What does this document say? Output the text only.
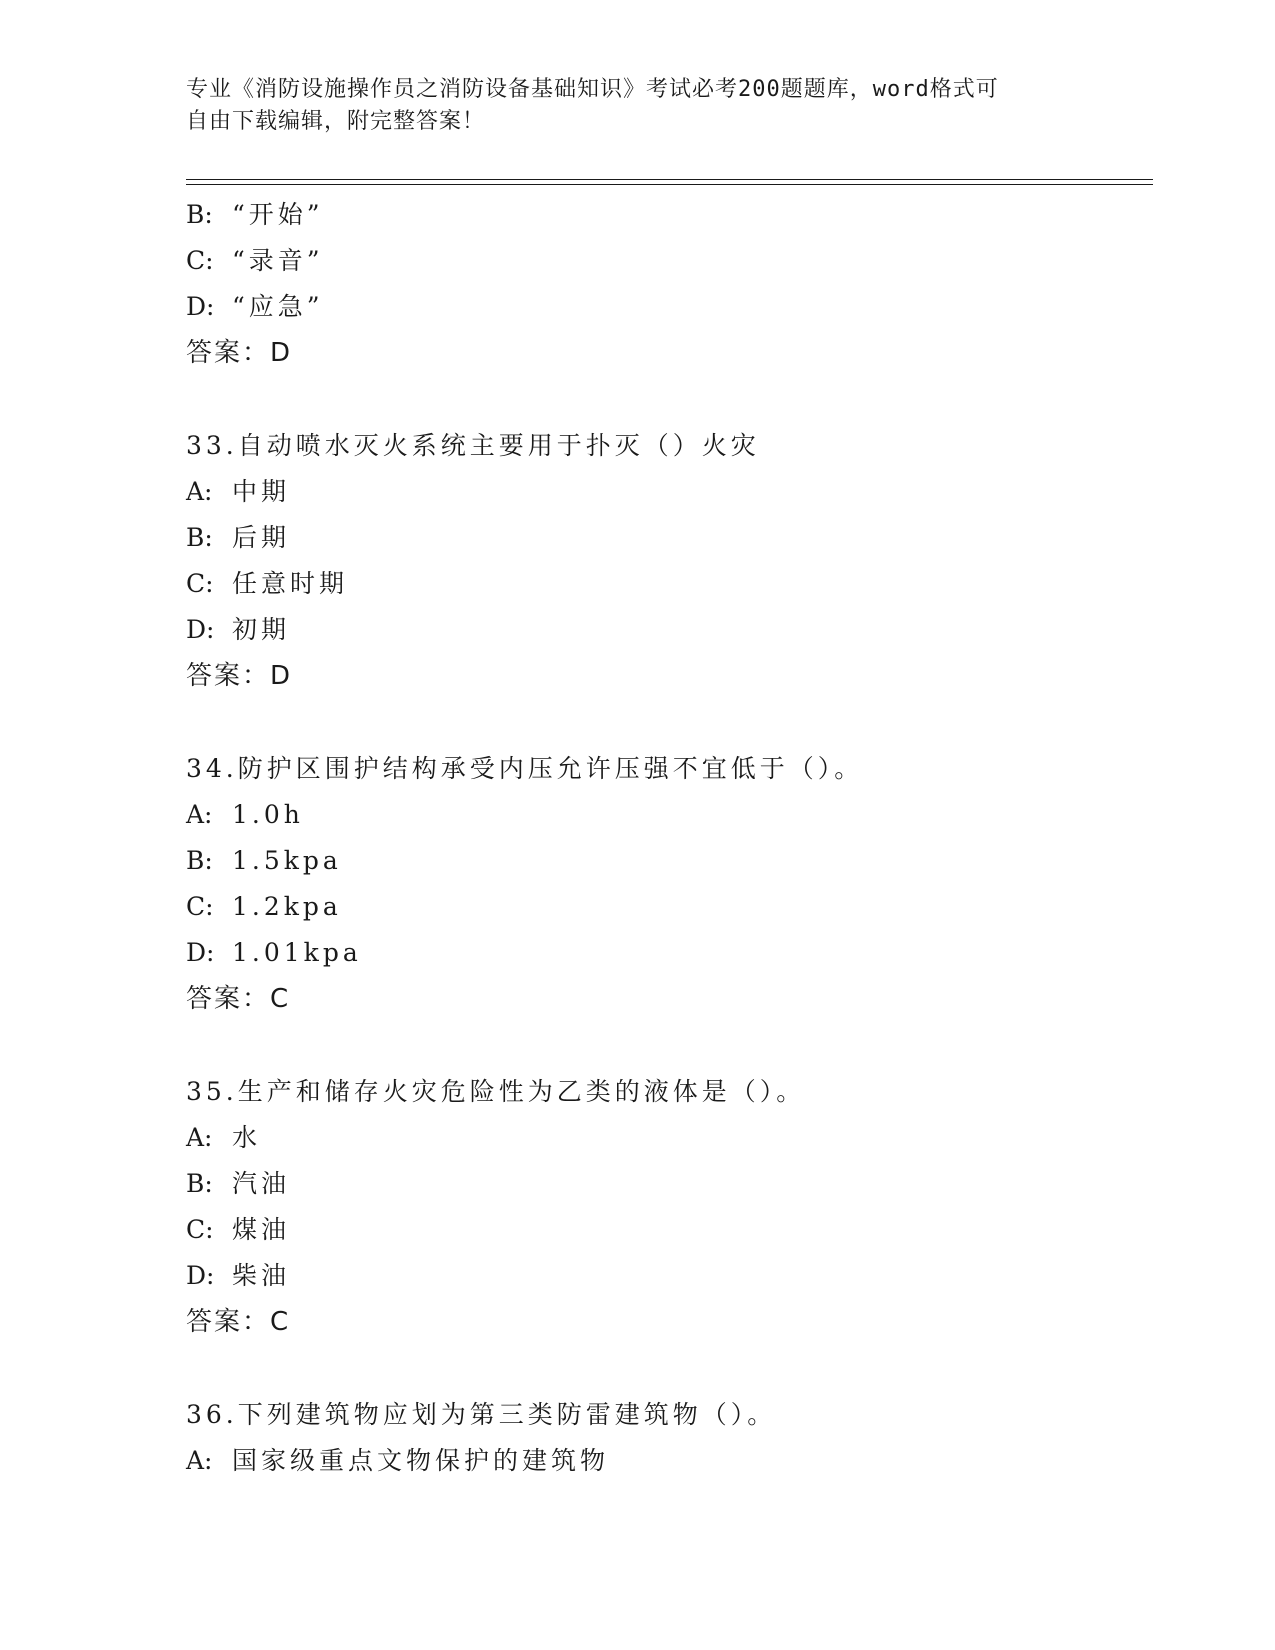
专业《消防设施操作员之消防设备基础知识》考试必考200题题库，word格式可
自由下载编辑，附完整答案！
B: “开始”
C: “录音”
D: “应急”
答案：D
33.自动喷水灭火系统主要用于扑灭（）火灾
A: 中期
B: 后期
C: 任意时期
D: 初期
答案：D
34.防护区围护结构承受内压允许压强不宜低于（）。
A: 1.0h
B: 1.5kpa
C: 1.2kpa
D: 1.01kpa
答案：C
35.生产和储存火灾危险性为乙类的液体是（）。
A: 水
B: 汽油
C: 煤油
D: 柴油
答案：C
36.下列建筑物应划为第三类防雷建筑物（）。
A: 国家级重点文物保护的建筑物
